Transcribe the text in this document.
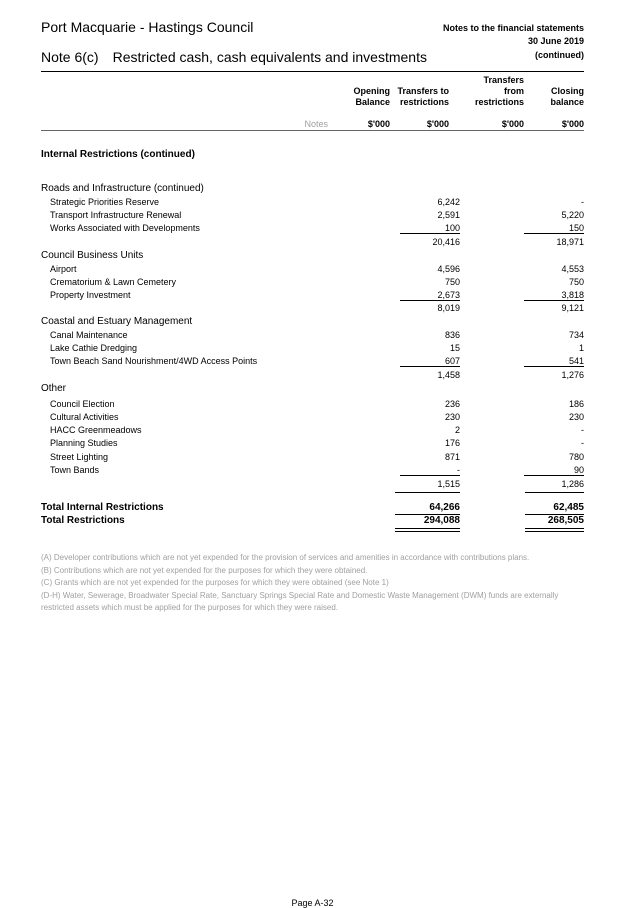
Port Macquarie - Hastings Council
Note 6(c) Restricted cash, cash equivalents and investments
Notes to the financial statements
30 June 2019
(continued)
Opening
Balance
Transfers to
restrictions
Transfers
from
restrictions
Closing
balance
Notes	$'000	$'000	$'000	$'000
Internal Restrictions (continued)
Roads and Infrastructure (continued)
Strategic Priorities Reserve	6,242	-
Transport Infrastructure Renewal	2,591	5,220
Works Associated with Developments	100	150
20,416	18,971
Council Business Units
Airport	4,596	4,553
Crematorium & Lawn Cemetery	750	750
Property Investment	2,673	3,818
8,019	9,121
Coastal and Estuary Management
Canal Maintenance	836	734
Lake Cathie Dredging	15	1
Town Beach Sand Nourishment/4WD Access Points	607	541
1,458	1,276
Other
Council Election	236	186
Cultural Activities	230	230
HACC Greenmeadows	2	-
Planning Studies	176	-
Street Lighting	871	780
Town Bands	-	90
1,515	1,286
Total Internal Restrictions	64,266	62,485
Total Restrictions	294,088	268,505
(A) Developer contributions which are not yet expended for the provision of services and amenities in accordance with contributions plans.
(B) Contributions which are not yet expended for the purposes for which they were obtained.
(C) Grants which are not yet expended for the purposes for which they were obtained (see Note 1)
(D-H) Water, Sewerage, Broadwater Special Rate, Sanctuary Springs Special Rate and Domestic Waste Management (DWM) funds are externally restricted assets which must be applied for the purposes for which they were raised.
Page A-32
